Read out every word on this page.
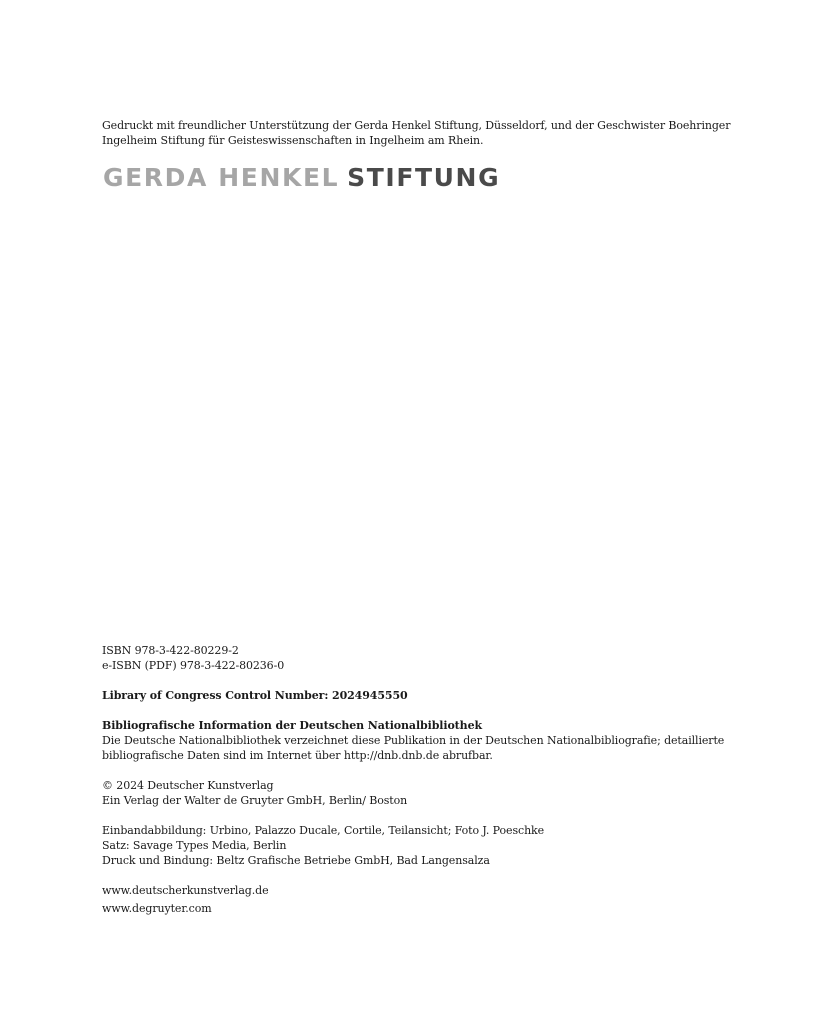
Gedruckt mit freundlicher Unterstützung der Gerda Henkel Stiftung, Düsseldorf, und der Geschwister Boehringer Ingelheim Stiftung für Geisteswissenschaften in Ingelheim am Rhein.
GERDA HENKEL STIFTUNG
ISBN 978-3-422-80229-2
e-ISBN (PDF) 978-3-422-80236-0
Library of Congress Control Number: 2024945550
Bibliografische Information der Deutschen Nationalbibliothek
Die Deutsche Nationalbibliothek verzeichnet diese Publikation in der Deutschen Nationalbibliografie; detaillierte bibliografische Daten sind im Internet über http://dnb.dnb.de abrufbar.
© 2024 Deutscher Kunstverlag
Ein Verlag der Walter de Gruyter GmbH, Berlin/ Boston
Einbandabbildung: Urbino, Palazzo Ducale, Cortile, Teilansicht; Foto J. Poeschke
Satz: Savage Types Media, Berlin
Druck und Bindung: Beltz Grafische Betriebe GmbH, Bad Langensalza
www.deutscherkunstverlag.de
www.degruyter.com
